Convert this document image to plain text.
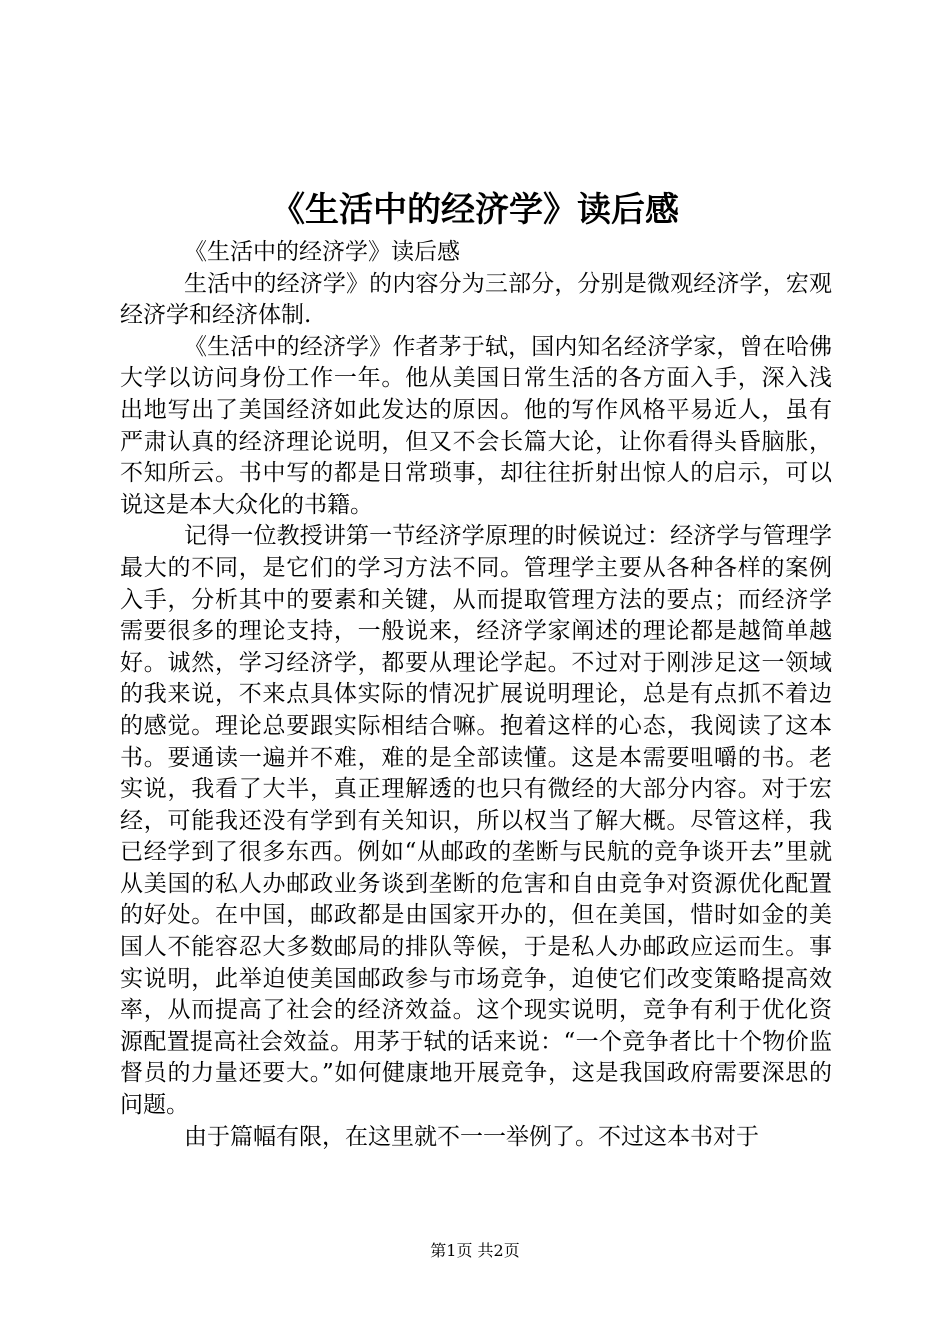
《生活中的经济学》读后感

《生活中的经济学》读后感

生活中的经济学》的内容分为三部分，分别是微观经济学，宏观经济学和经济体制.

《生活中的经济学》作者茅于轼，国内知名经济学家，曾在哈佛大学以访问身份工作一年。他从美国日常生活的各方面入手，深入浅出地写出了美国经济如此发达的原因。他的写作风格平易近人，虽有严肃认真的经济理论说明，但又不会长篇大论，让你看得头昏脑胀，不知所云。书中写的都是日常琐事，却往往折射出惊人的启示，可以说这是本大众化的书籍。

记得一位教授讲第一节经济学原理的时候说过：经济学与管理学最大的不同，是它们的学习方法不同。管理学主要从各种各样的案例入手，分析其中的要素和关键，从而提取管理方法的要点；而经济学需要很多的理论支持，一般说来，经济学家阐述的理论都是越简单越好。诚然，学习经济学，都要从理论学起。不过对于刚涉足这一领域的我来说，不来点具体实际的情况扩展说明理论，总是有点抓不着边的感觉。理论总要跟实际相结合嘛。抱着这样的心态，我阅读了这本书。要通读一遍并不难，难的是全部读懂。这是本需要咀嚼的书。老实说，我看了大半，真正理解透的也只有微经的大部分内容。对于宏经，可能我还没有学到有关知识，所以权当了解大概。尽管这样，我已经学到了很多东西。例如“从邮政的垄断与民航的竞争谈开去”里就从美国的私人办邮政业务谈到垄断的危害和自由竞争对资源优化配置的好处。在中国，邮政都是由国家开办的，但在美国，惜时如金的美国人不能容忍大多数邮局的排队等候，于是私人办邮政应运而生。事实说明，此举迫使美国邮政参与市场竞争，迫使它们改变策略提高效率，从而提高了社会的经济效益。这个现实说明，竞争有利于优化资源配置提高社会效益。用茅于轼的话来说：“一个竞争者比十个物价监督员的力量还要大。”如何健康地开展竞争，这是我国政府需要深思的问题。

由于篇幅有限，在这里就不一一举例了。不过这本书对于

第1页 共2页
